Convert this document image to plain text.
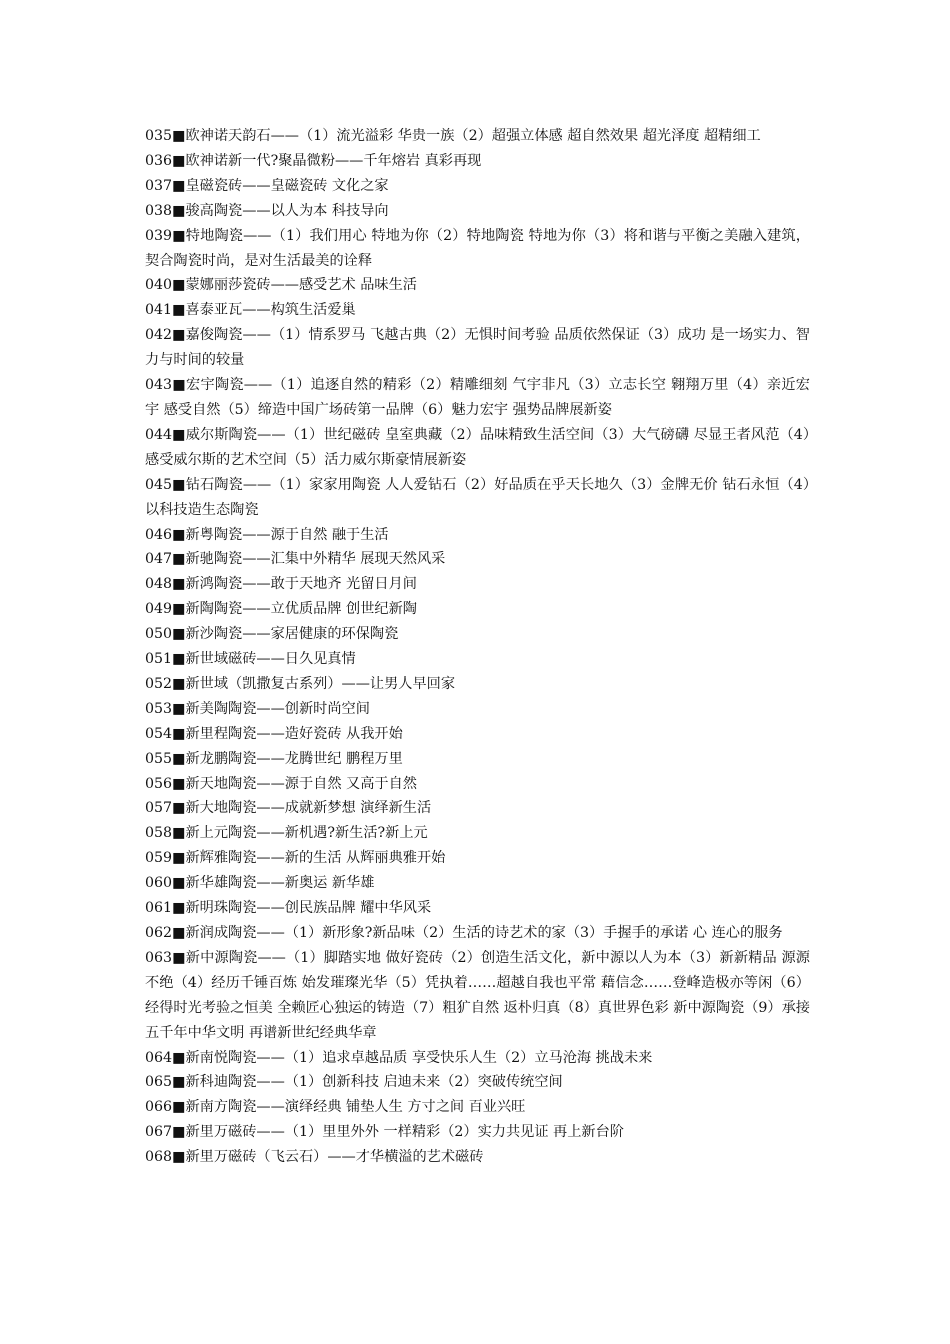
035■欧神诺天韵石——（1）流光溢彩 华贵一族（2）超强立体感 超自然效果 超光泽度 超精细工

036■欧神诺新一代?聚晶微粉——千年熔岩 真彩再现

037■皇磁瓷砖——皇磁瓷砖 文化之家

038■骏高陶瓷——以人为本 科技导向

039■特地陶瓷——（1）我们用心 特地为你（2）特地陶瓷 特地为你（3）将和谐与平衡之美融入建筑，契合陶瓷时尚，是对生活最美的诠释

040■蒙娜丽莎瓷砖——感受艺术 品味生活

041■喜泰亚瓦——构筑生活爱巢

042■嘉俊陶瓷——（1）情系罗马 飞越古典（2）无惧时间考验 品质依然保证（3）成功 是一场实力、智力与时间的较量

043■宏宇陶瓷——（1）追逐自然的精彩（2）精雕细刻 气宇非凡（3）立志长空 翱翔万里（4）亲近宏宇 感受自然（5）缔造中国广场砖第一品牌（6）魅力宏宇 强势品牌展新姿

044■威尔斯陶瓷——（1）世纪磁砖 皇室典藏（2）品味精致生活空间（3）大气磅礴 尽显王者风范（4）感受威尔斯的艺术空间（5）活力威尔斯豪情展新姿

045■钻石陶瓷——（1）家家用陶瓷 人人爱钻石（2）好品质在乎天长地久（3）金牌无价 钻石永恒（4）以科技造生态陶瓷

046■新粤陶瓷——源于自然 融于生活

047■新驰陶瓷——汇集中外精华 展现天然风采

048■新鸿陶瓷——敢于天地齐 光留日月间

049■新陶陶瓷——立优质品牌 创世纪新陶

050■新沙陶瓷——家居健康的环保陶瓷

051■新世域磁砖——日久见真情

052■新世域（凯撒复古系列）——让男人早回家

053■新美陶陶瓷——创新时尚空间

054■新里程陶瓷——造好瓷砖 从我开始

055■新龙鹏陶瓷——龙腾世纪 鹏程万里

056■新天地陶瓷——源于自然 又高于自然

057■新大地陶瓷——成就新梦想 演绎新生活

058■新上元陶瓷——新机遇?新生活?新上元

059■新辉雅陶瓷——新的生活 从辉丽典雅开始

060■新华雄陶瓷——新奥运 新华雄

061■新明珠陶瓷——创民族品牌 耀中华风采

062■新润成陶瓷——（1）新形象?新品味（2）生活的诗艺术的家（3）手握手的承诺 心 连心的服务

063■新中源陶瓷——（1）脚踏实地 做好瓷砖（2）创造生活文化，新中源以人为本（3）新新精品 源源不绝（4）经历千锤百炼 始发璀璨光华（5）凭执着……超越自我也平常 藉信念……登峰造极亦等闲（6）经得时光考验之恒美 全赖匠心独运的铸造（7）粗犷自然 返朴归真（8）真世界色彩 新中源陶瓷（9）承接五千年中华文明 再谱新世纪经典华章

064■新南悦陶瓷——（1）追求卓越品质 享受快乐人生（2）立马沧海 挑战未来

065■新科迪陶瓷——（1）创新科技 启迪未来（2）突破传统空间

066■新南方陶瓷——演绎经典 铺垫人生 方寸之间 百业兴旺

067■新里万磁砖——（1）里里外外 一样精彩（2）实力共见证 再上新台阶

068■新里万磁砖（飞云石）——才华横溢的艺术磁砖
